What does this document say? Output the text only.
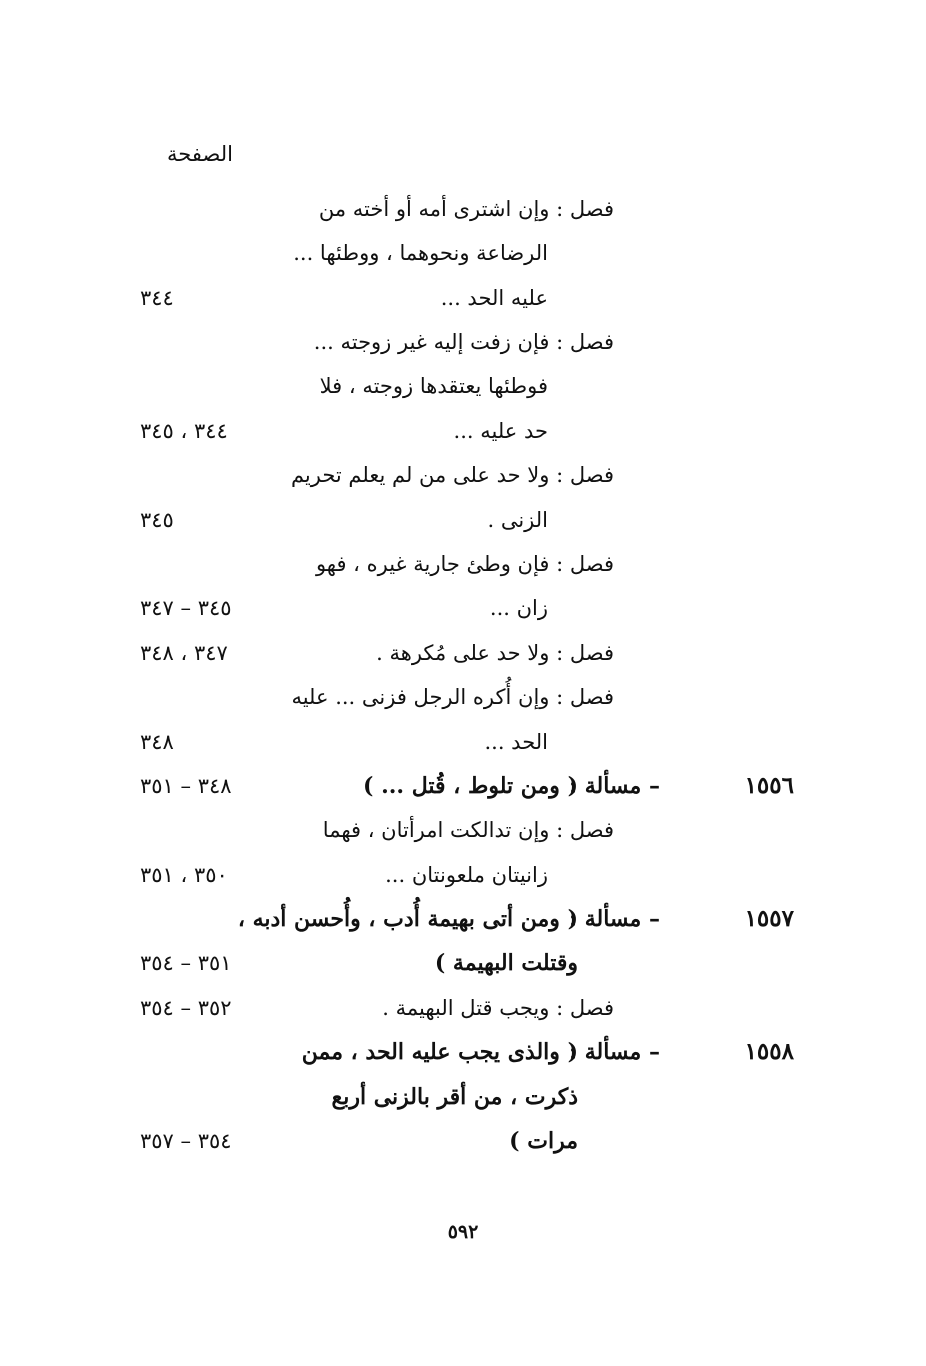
الصفحة
فصل : وإن اشترى أمه أو أخته من
الرضاعة ونحوهما ، ووطئها ...
عليه الحد ...
٣٤٤
فصل : فإن زفت إليه غير زوجته ...
فوطئها يعتقدها زوجته ، فلا
حد عليه ...
٣٤٤ ، ٣٤٥
فصل : ولا حد على من لم يعلم تحريم
الزنى .
٣٤٥
فصل : فإن وطئ جارية غيره ، فهو
زان ...
٣٤٥ – ٣٤٧
فصل : ولا حد على مُكرهة .
٣٤٧ ، ٣٤٨
فصل : وإن أُكره الرجل فزنى ... عليه
الحد ...
٣٤٨
١٥٥٦
– مسألة :
( ومن تلوط ، قُتل ... )
٣٤٨ – ٣٥١
فصل : وإن تدالكت امرأتان ، فهما
زانيتان ملعونتان ...
٣٥٠ ، ٣٥١
١٥٥٧
– مسألة :
( ومن أتى بهيمة أُدب ، وأُحسن أدبه ،
وقتلت البهيمة )
٣٥١ – ٣٥٤
فصل : ويجب قتل البهيمة .
٣٥٢ – ٣٥٤
١٥٥٨
– مسألة :
( والذى يجب عليه الحد ، ممن
ذكرت ، من أقر بالزنى أربع
مرات )
٣٥٤ – ٣٥٧
٥٩٢
